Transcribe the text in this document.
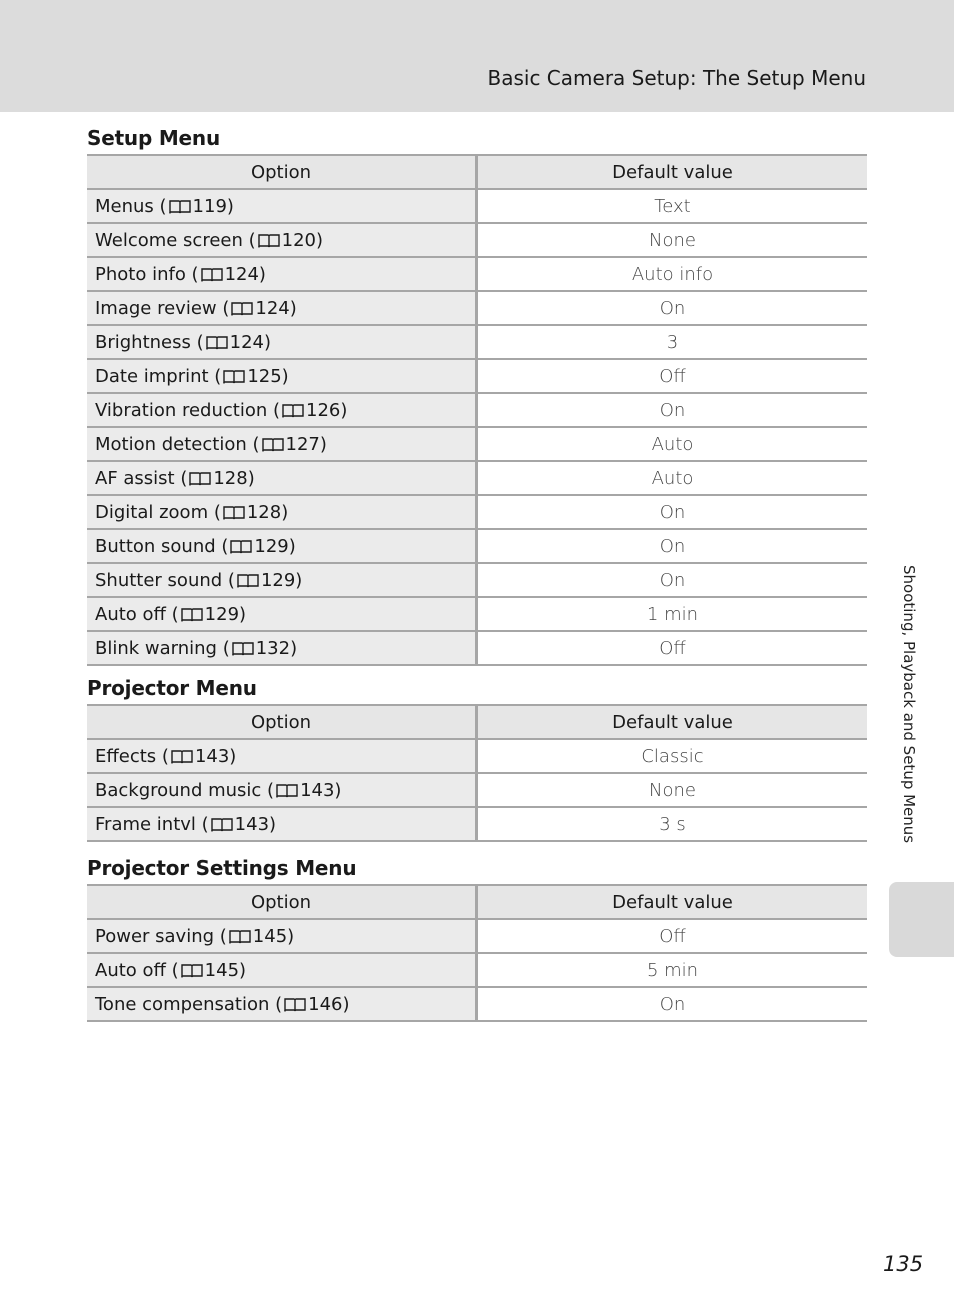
Basic Camera Setup: The Setup Menu
Setup Menu
Option	Default value
Menus ( 119)	Text
Welcome screen ( 120)	None
Photo info ( 124)	Auto info
Image review ( 124)	On
Brightness ( 124)	3
Date imprint ( 125)	Off
Vibration reduction ( 126)	On
Motion detection ( 127)	Auto
AF assist ( 128)	Auto
Digital zoom ( 128)	On
Button sound ( 129)	On
Shutter sound ( 129)	On
Auto off ( 129)	1 min
Blink warning ( 132)	Off
Projector Menu
Option	Default value
Effects ( 143)	Classic
Background music ( 143)	None
Frame intvl ( 143)	3 s
Projector Settings Menu
Option	Default value
Power saving ( 145)	Off
Auto off ( 145)	5 min
Tone compensation ( 146)	On
Shooting, Playback and Setup Menus
135
